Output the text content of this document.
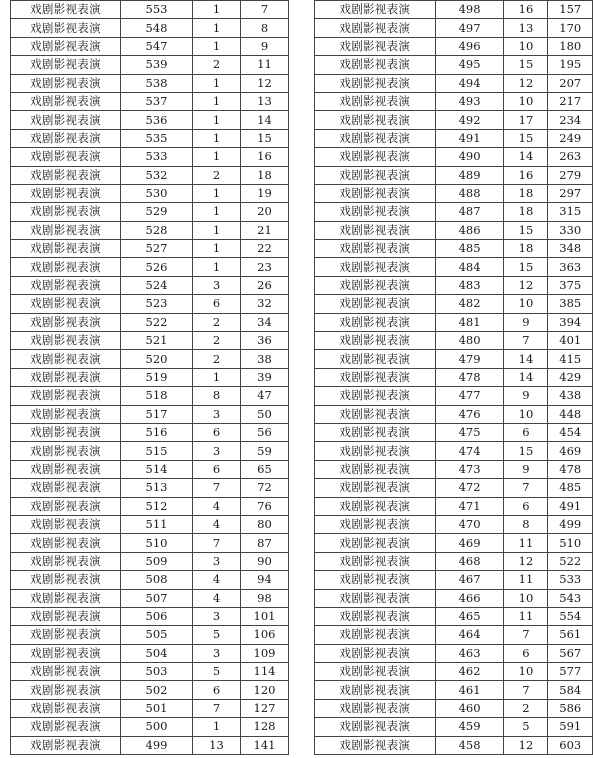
戏剧影视表演	553	1	7
戏剧影视表演	548	1	8
戏剧影视表演	547	1	9
戏剧影视表演	539	2	11
戏剧影视表演	538	1	12
戏剧影视表演	537	1	13
戏剧影视表演	536	1	14
戏剧影视表演	535	1	15
戏剧影视表演	533	1	16
戏剧影视表演	532	2	18
戏剧影视表演	530	1	19
戏剧影视表演	529	1	20
戏剧影视表演	528	1	21
戏剧影视表演	527	1	22
戏剧影视表演	526	1	23
戏剧影视表演	524	3	26
戏剧影视表演	523	6	32
戏剧影视表演	522	2	34
戏剧影视表演	521	2	36
戏剧影视表演	520	2	38
戏剧影视表演	519	1	39
戏剧影视表演	518	8	47
戏剧影视表演	517	3	50
戏剧影视表演	516	6	56
戏剧影视表演	515	3	59
戏剧影视表演	514	6	65
戏剧影视表演	513	7	72
戏剧影视表演	512	4	76
戏剧影视表演	511	4	80
戏剧影视表演	510	7	87
戏剧影视表演	509	3	90
戏剧影视表演	508	4	94
戏剧影视表演	507	4	98
戏剧影视表演	506	3	101
戏剧影视表演	505	5	106
戏剧影视表演	504	3	109
戏剧影视表演	503	5	114
戏剧影视表演	502	6	120
戏剧影视表演	501	7	127
戏剧影视表演	500	1	128
戏剧影视表演	499	13	141
戏剧影视表演	498	16	157
戏剧影视表演	497	13	170
戏剧影视表演	496	10	180
戏剧影视表演	495	15	195
戏剧影视表演	494	12	207
戏剧影视表演	493	10	217
戏剧影视表演	492	17	234
戏剧影视表演	491	15	249
戏剧影视表演	490	14	263
戏剧影视表演	489	16	279
戏剧影视表演	488	18	297
戏剧影视表演	487	18	315
戏剧影视表演	486	15	330
戏剧影视表演	485	18	348
戏剧影视表演	484	15	363
戏剧影视表演	483	12	375
戏剧影视表演	482	10	385
戏剧影视表演	481	9	394
戏剧影视表演	480	7	401
戏剧影视表演	479	14	415
戏剧影视表演	478	14	429
戏剧影视表演	477	9	438
戏剧影视表演	476	10	448
戏剧影视表演	475	6	454
戏剧影视表演	474	15	469
戏剧影视表演	473	9	478
戏剧影视表演	472	7	485
戏剧影视表演	471	6	491
戏剧影视表演	470	8	499
戏剧影视表演	469	11	510
戏剧影视表演	468	12	522
戏剧影视表演	467	11	533
戏剧影视表演	466	10	543
戏剧影视表演	465	11	554
戏剧影视表演	464	7	561
戏剧影视表演	463	6	567
戏剧影视表演	462	10	577
戏剧影视表演	461	7	584
戏剧影视表演	460	2	586
戏剧影视表演	459	5	591
戏剧影视表演	458	12	603
